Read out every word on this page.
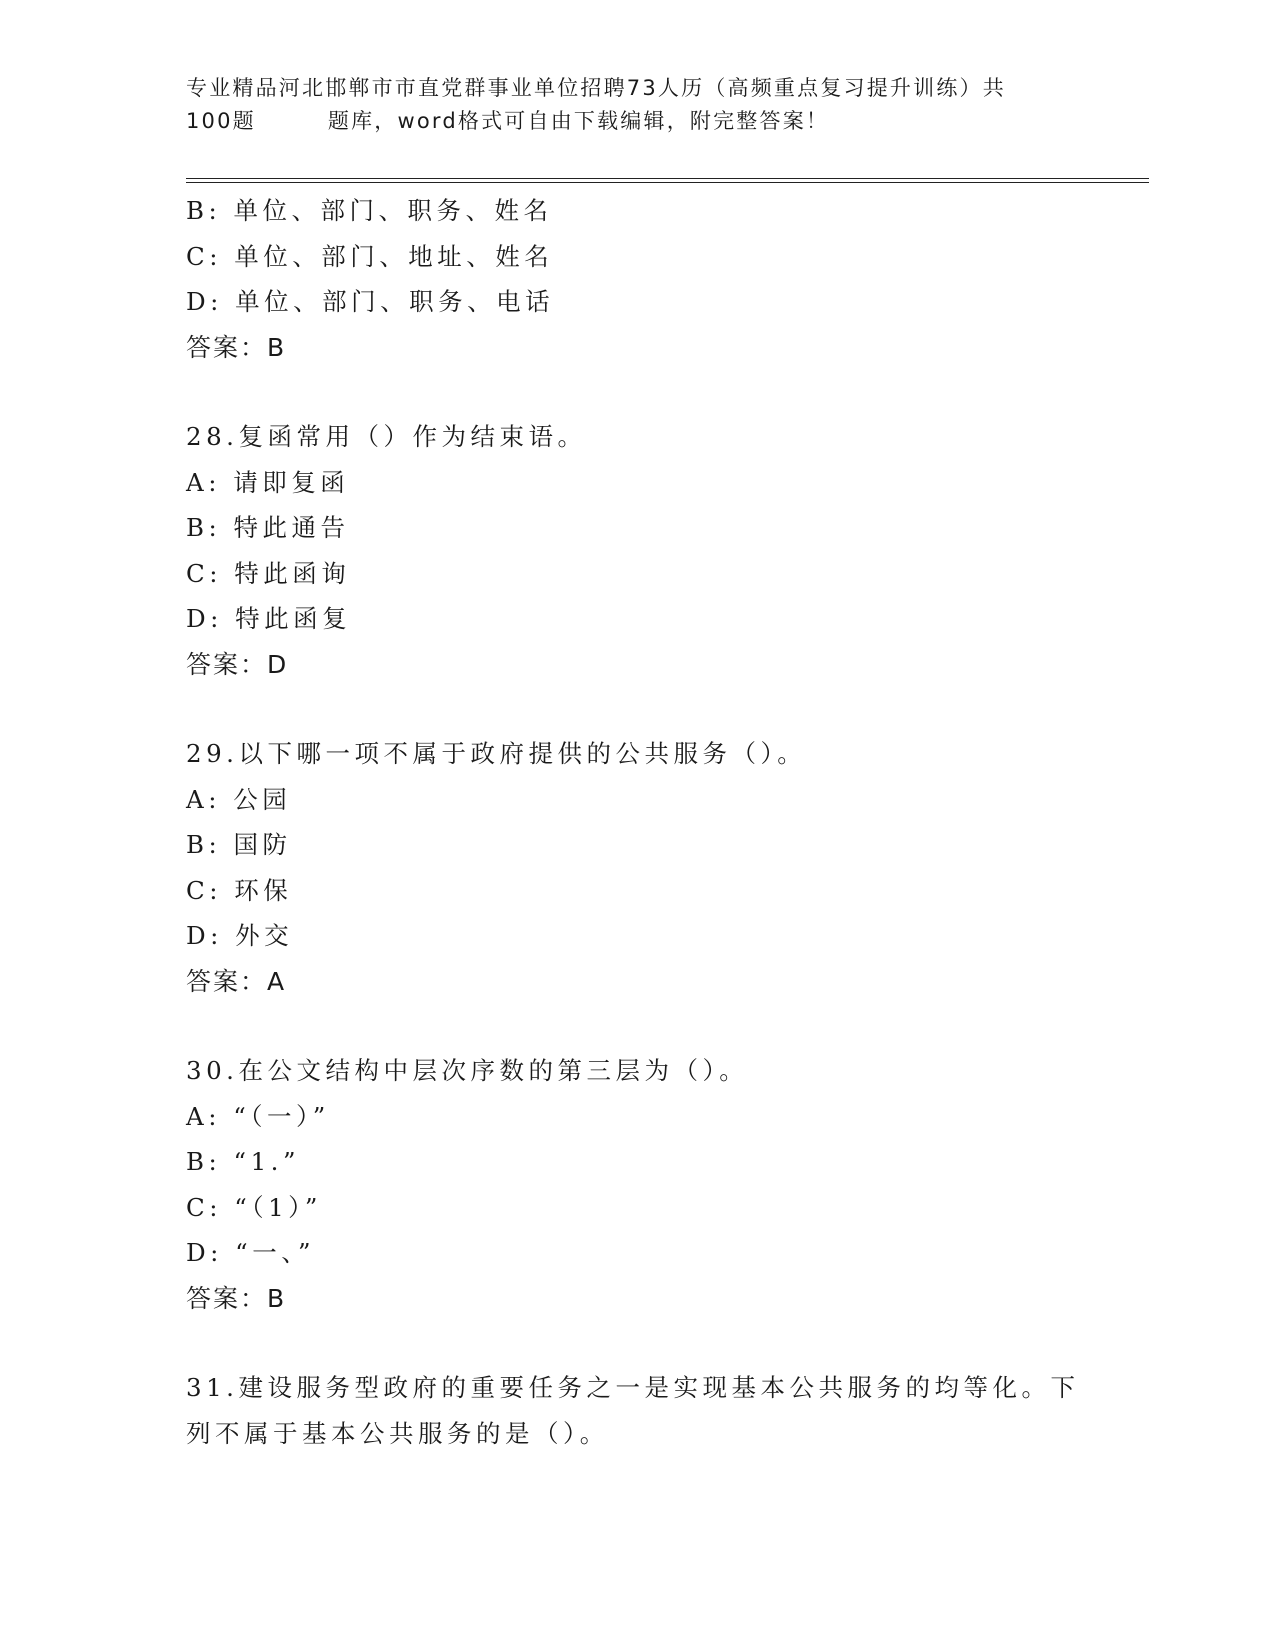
专业精品河北邯郸市市直党群事业单位招聘73人历（高频重点复习提升训练）共
100题	题库，word格式可自由下载编辑，附完整答案！
B: 单位、部门、职务、姓名
C: 单位、部门、地址、姓名
D: 单位、部门、职务、电话
答案：B
28.复函常用（）作为结束语。
A: 请即复函
B: 特此通告
C: 特此函询
D: 特此函复
答案：D
29.以下哪一项不属于政府提供的公共服务（）。
A: 公园
B: 国防
C: 环保
D: 外交
答案：A
30.在公文结构中层次序数的第三层为（）。
A: “（一）”
B: “1.”
C: “（1）”
D: “一、”
答案：B
31.建设服务型政府的重要任务之一是实现基本公共服务的均等化。下
列不属于基本公共服务的是（）。
